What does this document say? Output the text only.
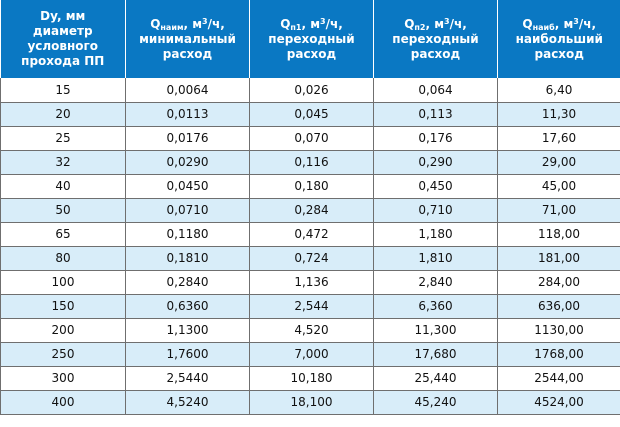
Dy, мм
диаметр
условного
прохода ПП	$Q_{наим}$, $м^3/ч$,
минимальный
расход	$Q_{п1}$, $м^3/ч$,
переходный
расход	$Q_{п2}$, $м^3/ч$,
переходный
расход	$Q_{наиб}$, $м^3/ч$,
наибольший
расход

15	0,0064	0,026	0,064	6,40
20	0,0113	0,045	0,113	11,30
25	0,0176	0,070	0,176	17,60
32	0,0290	0,116	0,290	29,00
40	0,0450	0,180	0,450	45,00
50	0,0710	0,284	0,710	71,00
65	0,1180	0,472	1,180	118,00
80	0,1810	0,724	1,810	181,00
100	0,2840	1,136	2,840	284,00
150	0,6360	2,544	6,360	636,00
200	1,1300	4,520	11,300	1130,00
250	1,7600	7,000	17,680	1768,00
300	2,5440	10,180	25,440	2544,00
400	4,5240	18,100	45,240	4524,00
